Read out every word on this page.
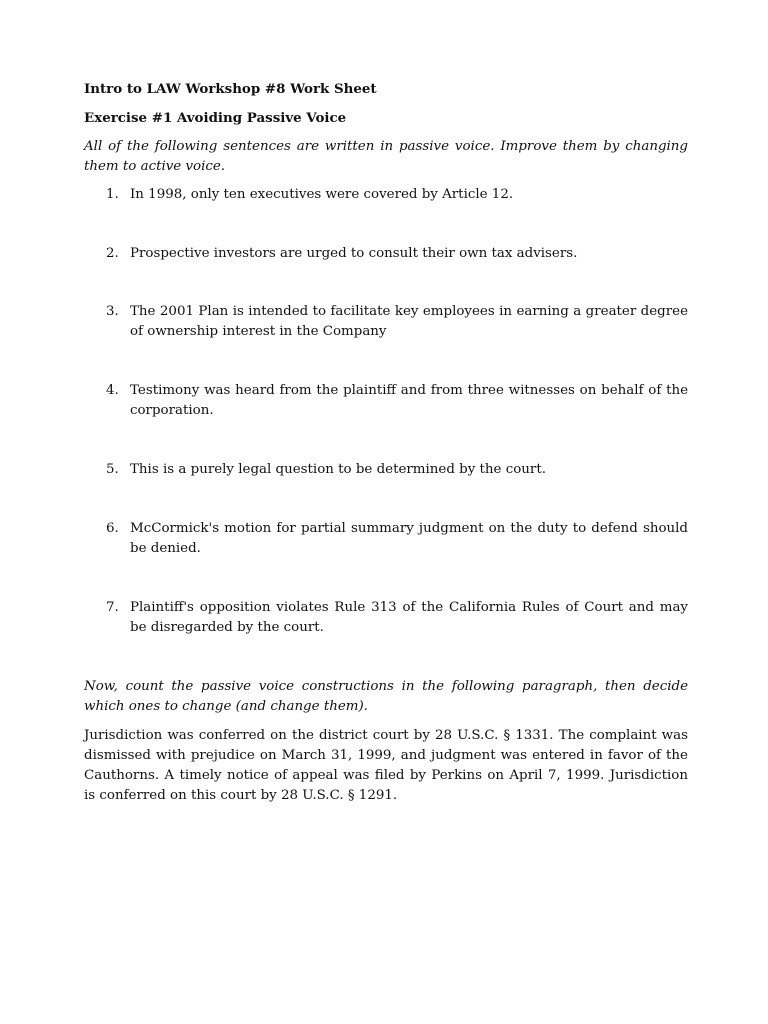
Intro to LAW Workshop #8 Work Sheet

Exercise #1 Avoiding Passive Voice

All of the following sentences are written in passive voice. Improve them by changing them to active voice.

1. In 1998, only ten executives were covered by Article 12.
2. Prospective investors are urged to consult their own tax advisers.
3. The 2001 Plan is intended to facilitate key employees in earning a greater degree of ownership interest in the Company
4. Testimony was heard from the plaintiff and from three witnesses on behalf of the corporation.
5. This is a purely legal question to be determined by the court.
6. McCormick's motion for partial summary judgment on the duty to defend should be denied.
7. Plaintiff's opposition violates Rule 313 of the California Rules of Court and may be disregarded by the court.

Now, count the passive voice constructions in the following paragraph, then decide which ones to change (and change them).

Jurisdiction was conferred on the district court by 28 U.S.C. § 1331. The complaint was dismissed with prejudice on March 31, 1999, and judgment was entered in favor of the Cauthorns. A timely notice of appeal was filed by Perkins on April 7, 1999. Jurisdiction is conferred on this court by 28 U.S.C. § 1291.
